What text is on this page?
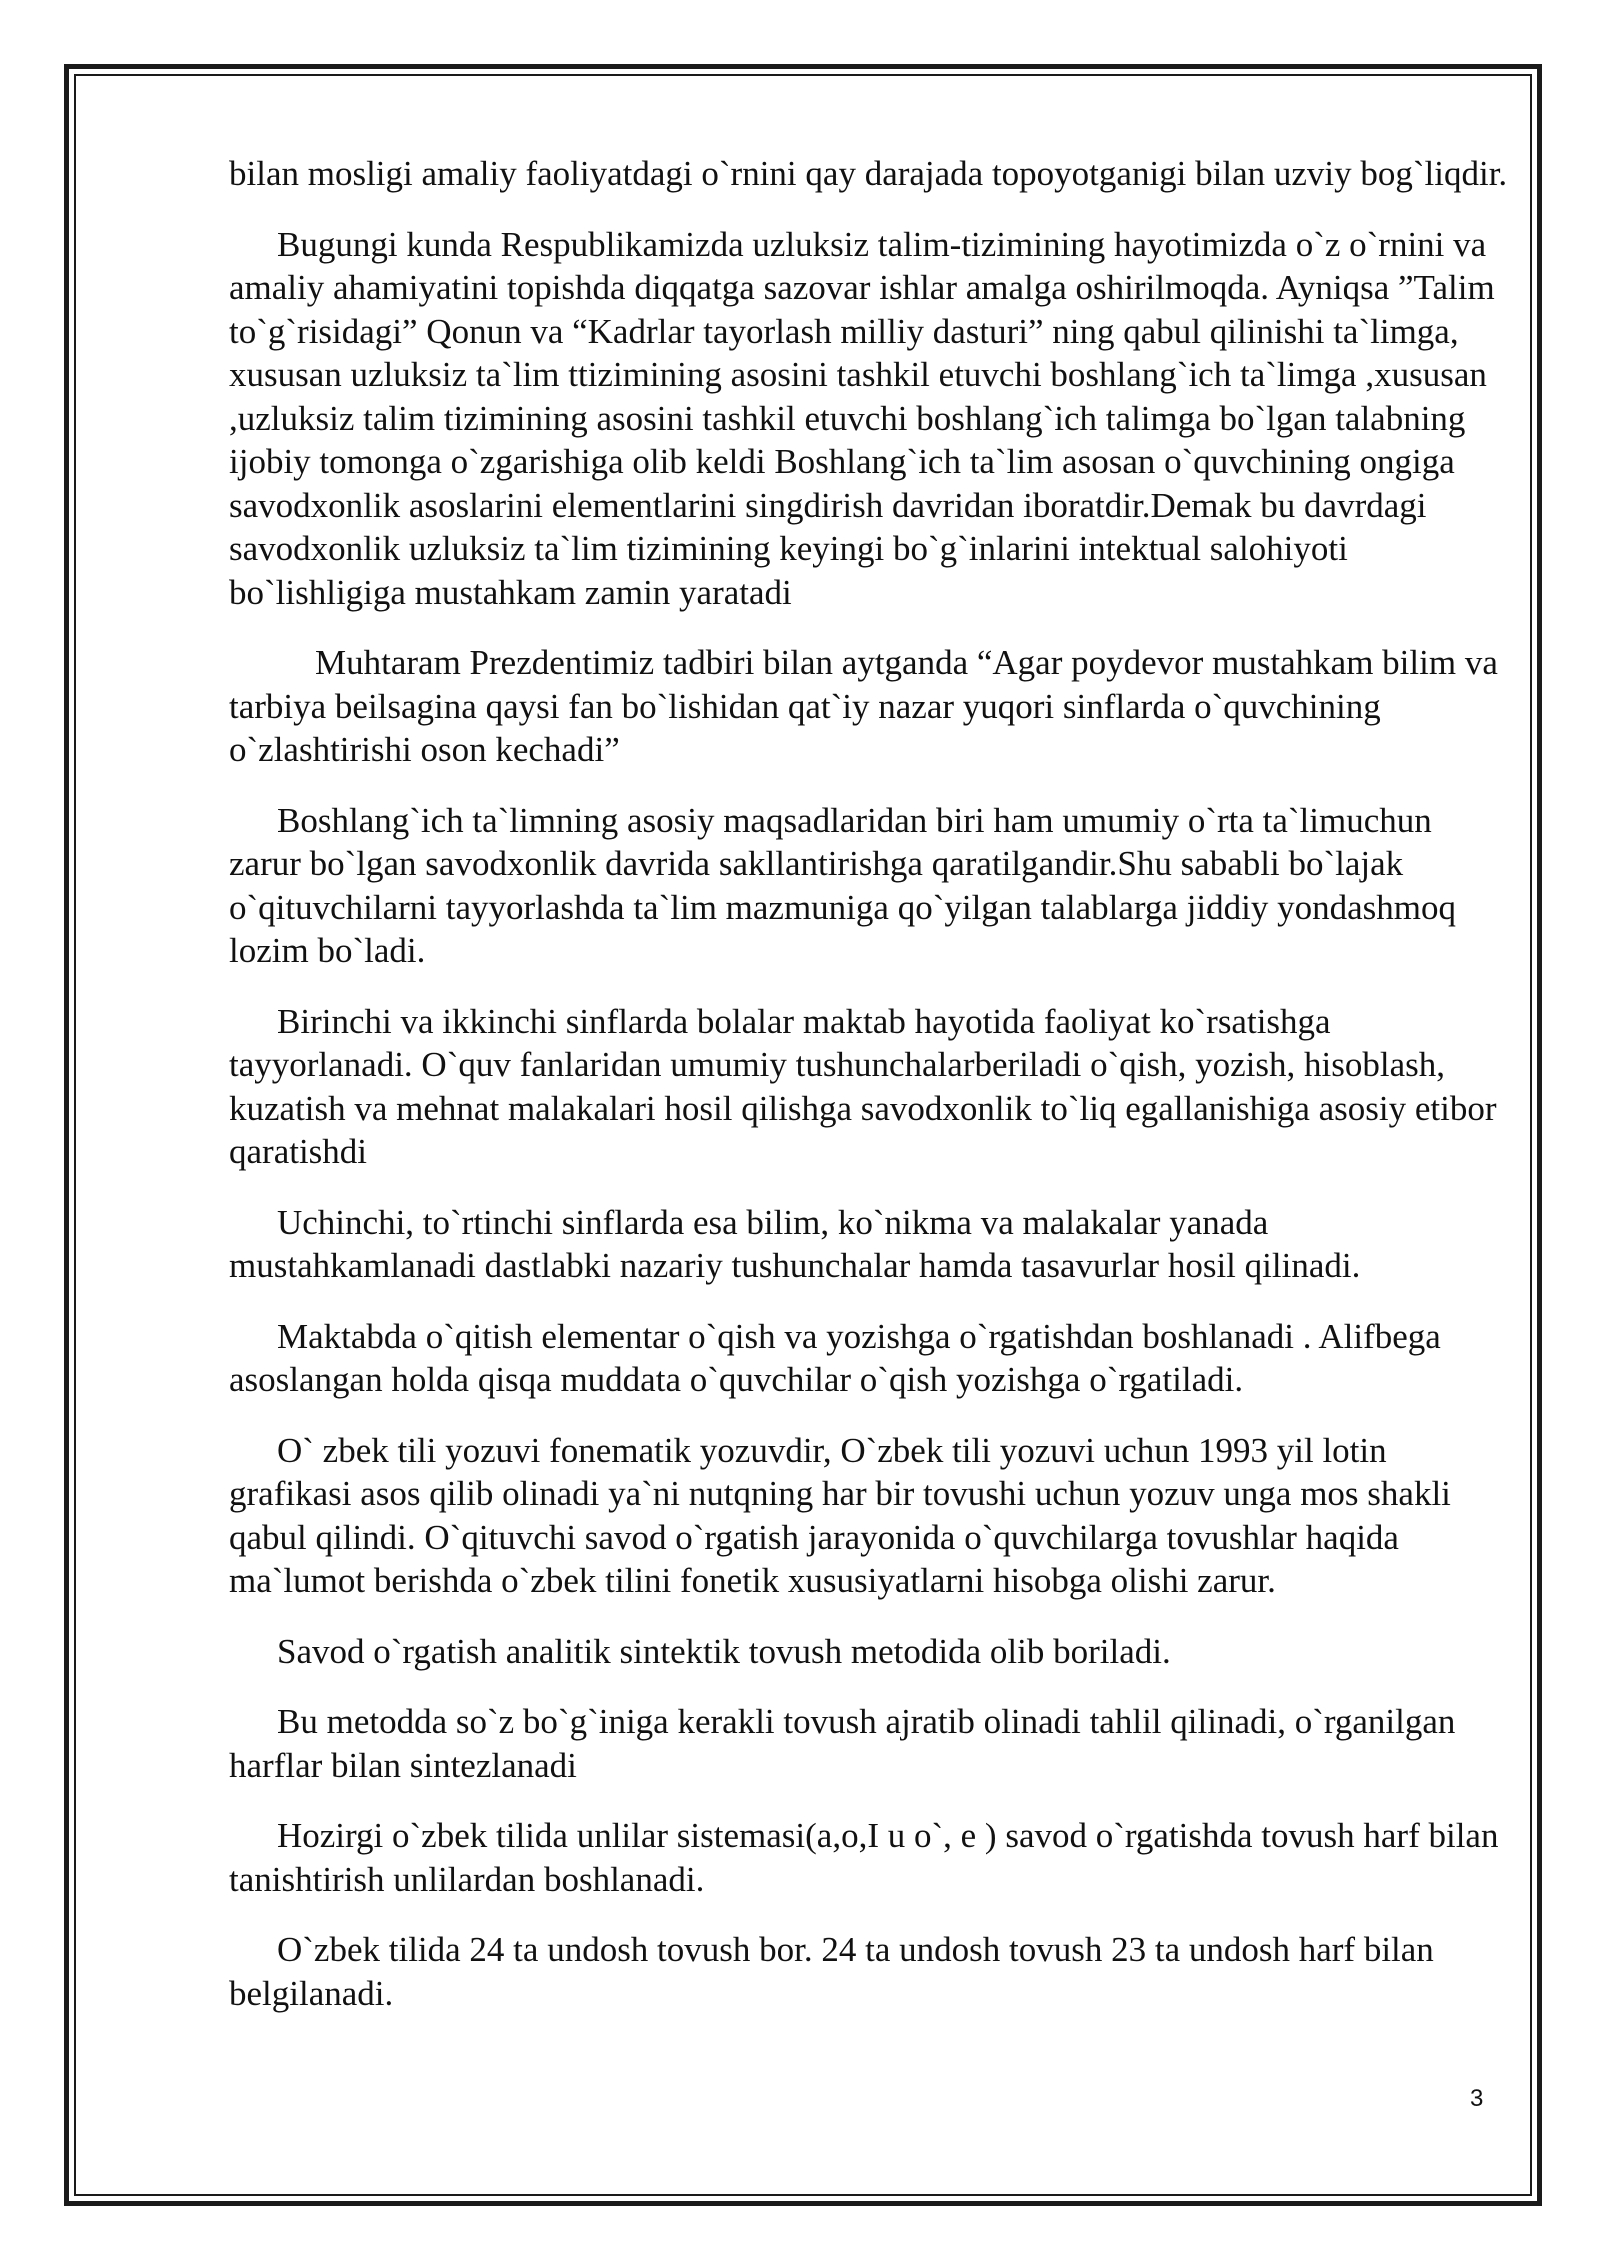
bilan mosligi amaliy faoliyatdagi o`rnini qay darajada topoyotganigi bilan uzviy bog`liqdir.

Bugungi kunda Respublikamizda uzluksiz talim-tizimining hayotimizda o`z o`rnini va amaliy ahamiyatini topishda diqqatga sazovar ishlar amalga oshirilmoqda. Ayniqsa ”Talim to`g`risidagi” Qonun va “Kadrlar tayorlash milliy dasturi” ning qabul qilinishi ta`limga, xususan uzluksiz ta`lim ttizimining asosini tashkil etuvchi boshlang`ich ta`limga ,xususan ,uzluksiz talim tizimining asosini tashkil etuvchi boshlang`ich talimga bo`lgan talabning ijobiy tomonga o`zgarishiga olib keldi Boshlang`ich ta`lim asosan o`quvchining ongiga savodxonlik asoslarini elementlarini singdirish davridan iboratdir.Demak bu davrdagi savodxonlik uzluksiz ta`lim tizimining keyingi bo`g`inlarini intektual salohiyoti bo`lishligiga mustahkam zamin yaratadi

Muhtaram Prezdentimiz tadbiri bilan aytganda “Agar poydevor mustahkam bilim va tarbiya beilsagina qaysi fan bo`lishidan qat`iy nazar yuqori sinflarda o`quvchining o`zlashtirishi oson kechadi”

Boshlang`ich ta`limning asosiy maqsadlaridan biri ham umumiy o`rta ta`limuchun zarur bo`lgan savodxonlik davrida sakllantirishga qaratilgandir.Shu sababli bo`lajak o`qituvchilarni tayyorlashda ta`lim mazmuniga qo`yilgan talablarga jiddiy yondashmoq lozim bo`ladi.

Birinchi va ikkinchi sinflarda bolalar maktab hayotida faoliyat ko`rsatishga tayyorlanadi. O`quv fanlaridan umumiy tushunchalarberiladi o`qish, yozish, hisoblash, kuzatish va mehnat malakalari hosil qilishga savodxonlik to`liq egallanishiga asosiy etibor qaratishdi

Uchinchi, to`rtinchi sinflarda esa bilim, ko`nikma va malakalar yanada mustahkamlanadi dastlabki nazariy tushunchalar hamda tasavurlar hosil qilinadi.

Maktabda o`qitish elementar o`qish va yozishga o`rgatishdan boshlanadi . Alifbega asoslangan holda qisqa muddata o`quvchilar o`qish yozishga o`rgatiladi.

O` zbek tili yozuvi fonematik yozuvdir, O`zbek tili yozuvi uchun 1993 yil lotin grafikasi asos qilib olinadi ya`ni nutqning har bir tovushi uchun yozuv unga mos shakli qabul qilindi. O`qituvchi savod o`rgatish jarayonida o`quvchilarga tovushlar haqida ma`lumot berishda o`zbek tilini fonetik xususiyatlarni hisobga olishi zarur.

Savod o`rgatish analitik sintektik tovush metodida olib boriladi.

Bu metodda so`z bo`g`iniga kerakli tovush ajratib olinadi tahlil qilinadi, o`rganilgan harflar bilan sintezlanadi

Hozirgi o`zbek tilida unlilar sistemasi(a,o,I u o`, e ) savod o`rgatishda tovush harf bilan tanishtirish unlilardan boshlanadi.

O`zbek tilida 24 ta undosh tovush bor. 24 ta undosh tovush 23 ta undosh harf bilan belgilanadi.

3
